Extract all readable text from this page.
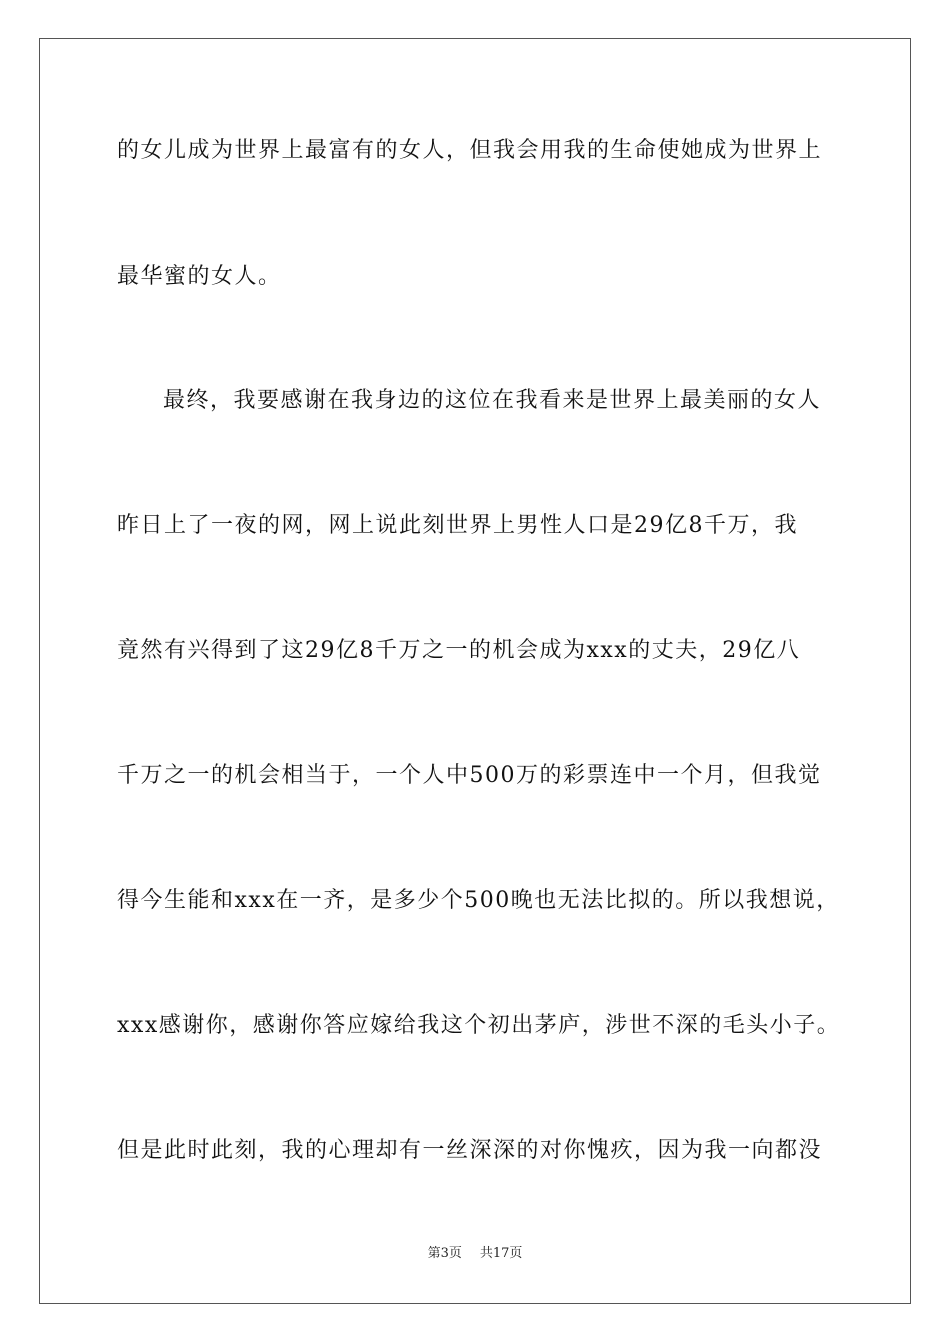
的女儿成为世界上最富有的女人，但我会用我的生命使她成为世界上
最华蜜的女人。
最终，我要感谢在我身边的这位在我看来是世界上最美丽的女人
昨日上了一夜的网，网上说此刻世界上男性人口是29亿8千万，我
竟然有兴得到了这29亿8千万之一的机会成为xxx的丈夫，29亿八
千万之一的机会相当于，一个人中500万的彩票连中一个月，但我觉
得今生能和xxx在一齐，是多少个500晚也无法比拟的。所以我想说，
xxx感谢你，感谢你答应嫁给我这个初出茅庐，涉世不深的毛头小子。
但是此时此刻，我的心理却有一丝深深的对你愧疚，因为我一向都没
第3页 共17页
